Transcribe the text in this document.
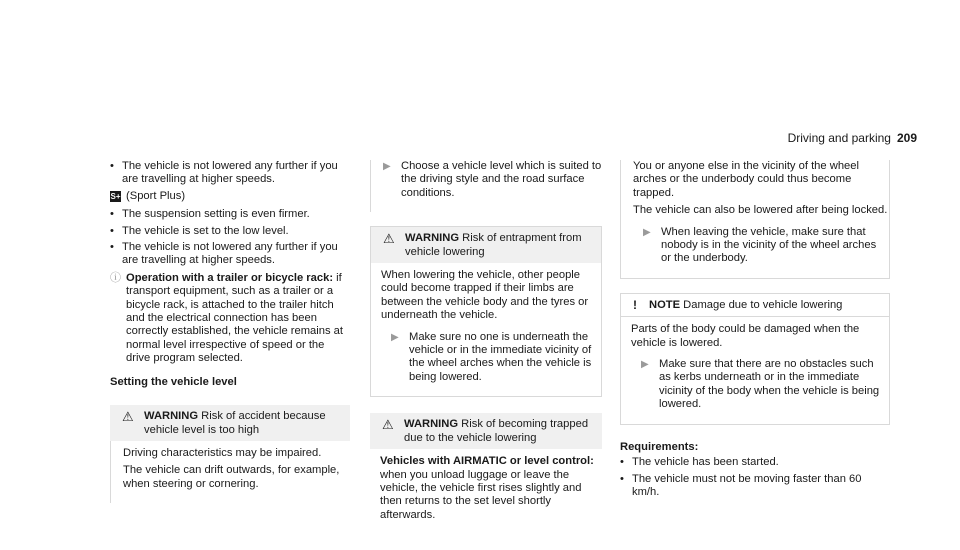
Driving and parking 209
• The vehicle is not lowered any further if you are travelling at higher speeds.
S+ (Sport Plus)
• The suspension setting is even firmer.
• The vehicle is set to the low level.
• The vehicle is not lowered any further if you are travelling at higher speeds.
ⓘ Operation with a trailer or bicycle rack: if transport equipment, such as a trailer or a bicycle rack, is attached to the trailer hitch and the electrical connection has been correctly established, the vehicle remains at normal level irrespective of speed or the drive program selected.
Setting the vehicle level
⚠ WARNING Risk of accident because vehicle level is too high

Driving characteristics may be impaired.

The vehicle can drift outwards, for example, when steering or cornering.

▶ Choose a vehicle level which is suited to the driving style and the road surface conditions.
⚠ WARNING Risk of entrapment from vehicle lowering

When lowering the vehicle, other people could become trapped if their limbs are between the vehicle body and the tyres or underneath the vehicle.

▶ Make sure no one is underneath the vehicle or in the immediate vicinity of the wheel arches when the vehicle is being lowered.
⚠ WARNING Risk of becoming trapped due to the vehicle lowering

Vehicles with AIRMATIC or level control: when you unload luggage or leave the vehicle, the vehicle first rises slightly and then returns to the set level shortly afterwards.

You or anyone else in the vicinity of the wheel arches or the underbody could thus become trapped.

The vehicle can also be lowered after being locked.

▶ When leaving the vehicle, make sure that nobody is in the vicinity of the wheel arches or the underbody.
!	NOTE Damage due to vehicle lowering

Parts of the body could be damaged when the vehicle is lowered.

▶ Make sure that there are no obstacles such as kerbs underneath or in the immediate vicinity of the body when the vehicle is being lowered.
Requirements:
• The vehicle has been started.
• The vehicle must not be moving faster than 60 km/h.
